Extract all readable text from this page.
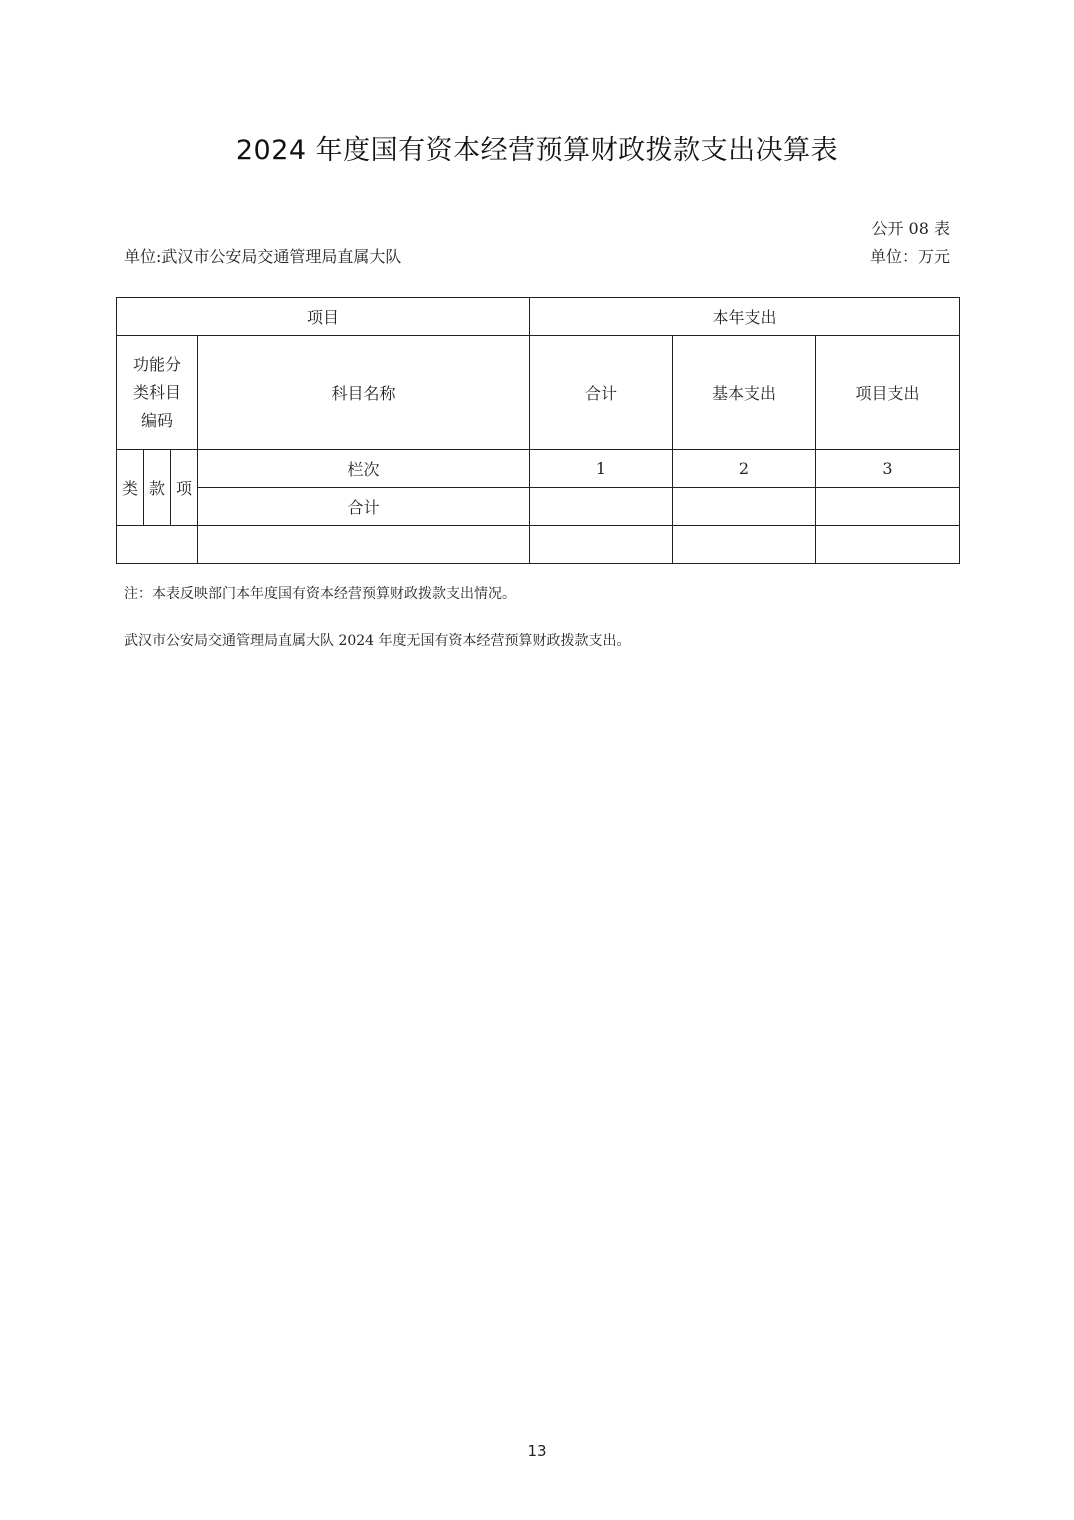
2024 年度国有资本经营预算财政拨款支出决算表
公开 08 表
单位:武汉市公安局交通管理局直属大队	单位：万元
项目				本年支出		

功能分
类科目
编码			科目名称	合计	基本支出	项目支出
类	款	项	栏次	1	2	3
			合计			

注：本表反映部门本年度国有资本经营预算财政拨款支出情况。
武汉市公安局交通管理局直属大队 2024 年度无国有资本经营预算财政拨款支出。
13
